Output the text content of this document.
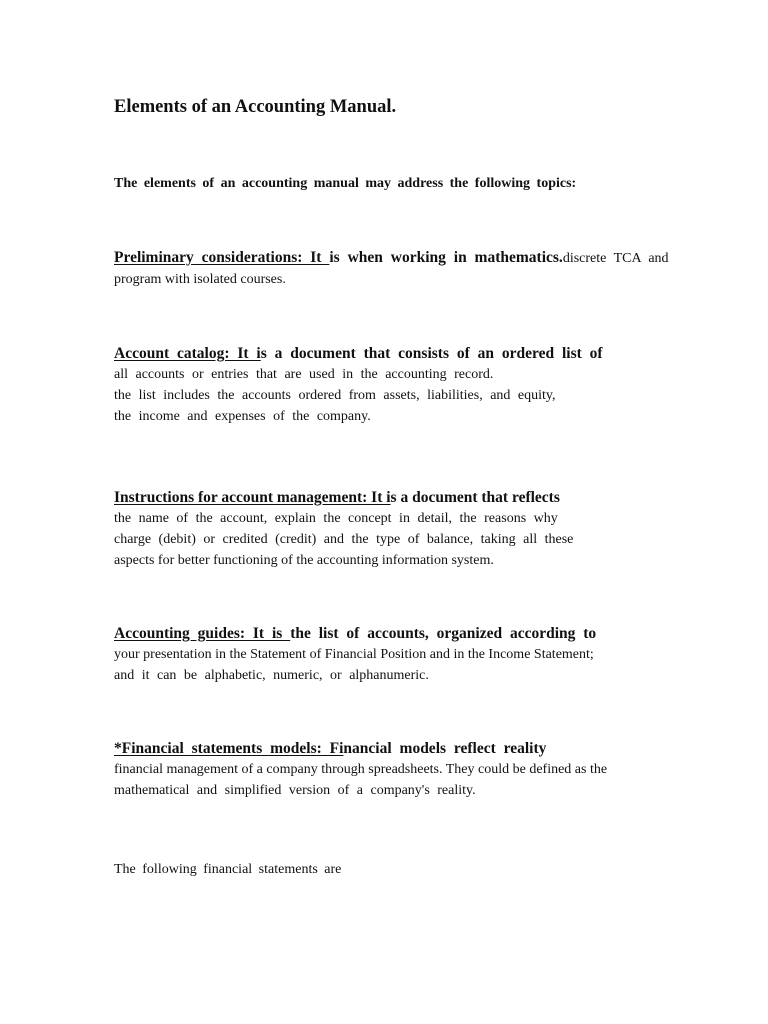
Elements of an Accounting Manual.
The elements of an accounting manual may address the following topics:
Preliminary considerations: It is when working in mathematics.discrete TCA and
program with isolated courses.
Account catalog: It is a document that consists of an ordered list of
all accounts or entries that are used in the accounting record.
the list includes the accounts ordered from assets, liabilities, and equity,
the income and expenses of the company.
Instructions for account management: It is a document that reflects
the name of the account, explain the concept in detail, the reasons why
charge (debit) or credited (credit) and the type of balance, taking all these
aspects for better functioning of the accounting information system.
Accounting guides: It is the list of accounts, organized according to
your presentation in the Statement of Financial Position and in the Income Statement;
and it can be alphabetic, numeric, or alphanumeric.
*Financial statements models: Financial models reflect reality
financial management of a company through spreadsheets. They could be defined as the
mathematical and simplified version of a company's reality.
The following financial statements are
